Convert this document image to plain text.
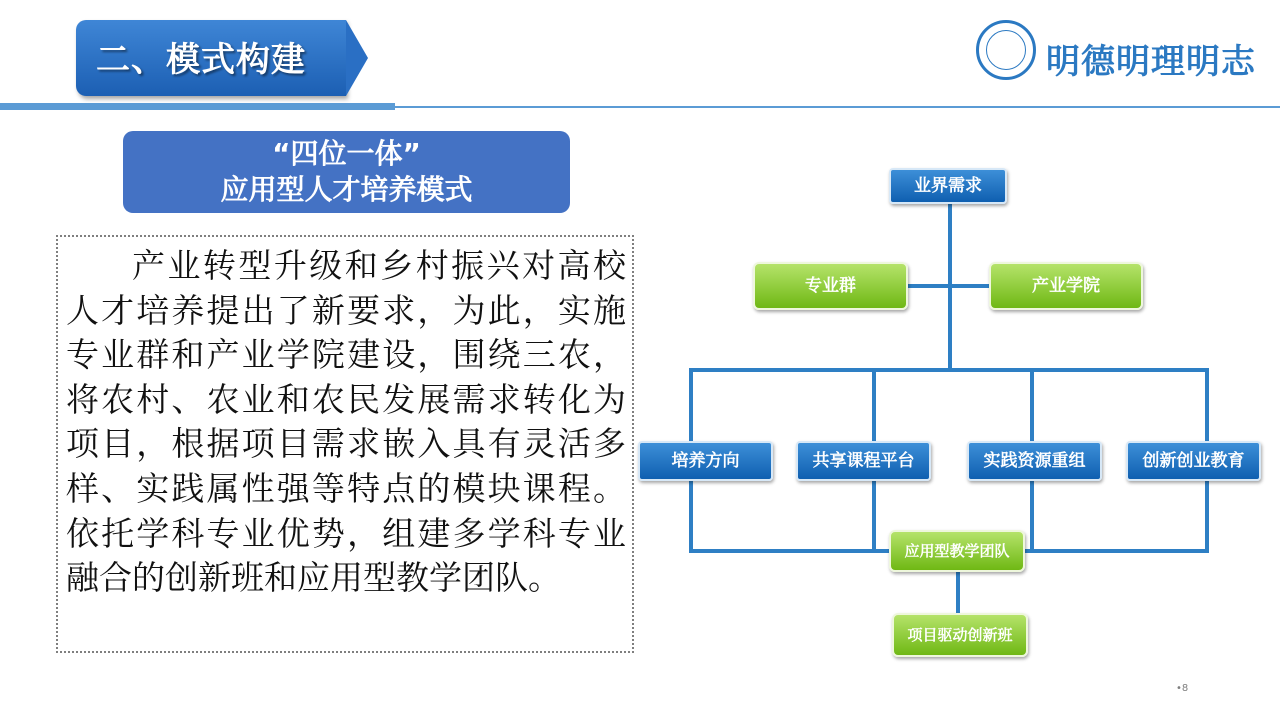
二、模式构建	明德明理明志
“四位一体”
应用型人才培养模式
产业转型升级和乡村振兴对高校人才培养提出了新要求，为此，实施专业群和产业学院建设，围绕三农，将农村、农业和农民发展需求转化为项目，根据项目需求嵌入具有灵活多样、实践属性强等特点的模块课程。依托学科专业优势，组建多学科专业融合的创新班和应用型教学团队。
业界需求
专业群	产业学院
培养方向	共享课程平台	实践资源重组	创新创业教育
应用型教学团队
项目驱动创新班
•8
